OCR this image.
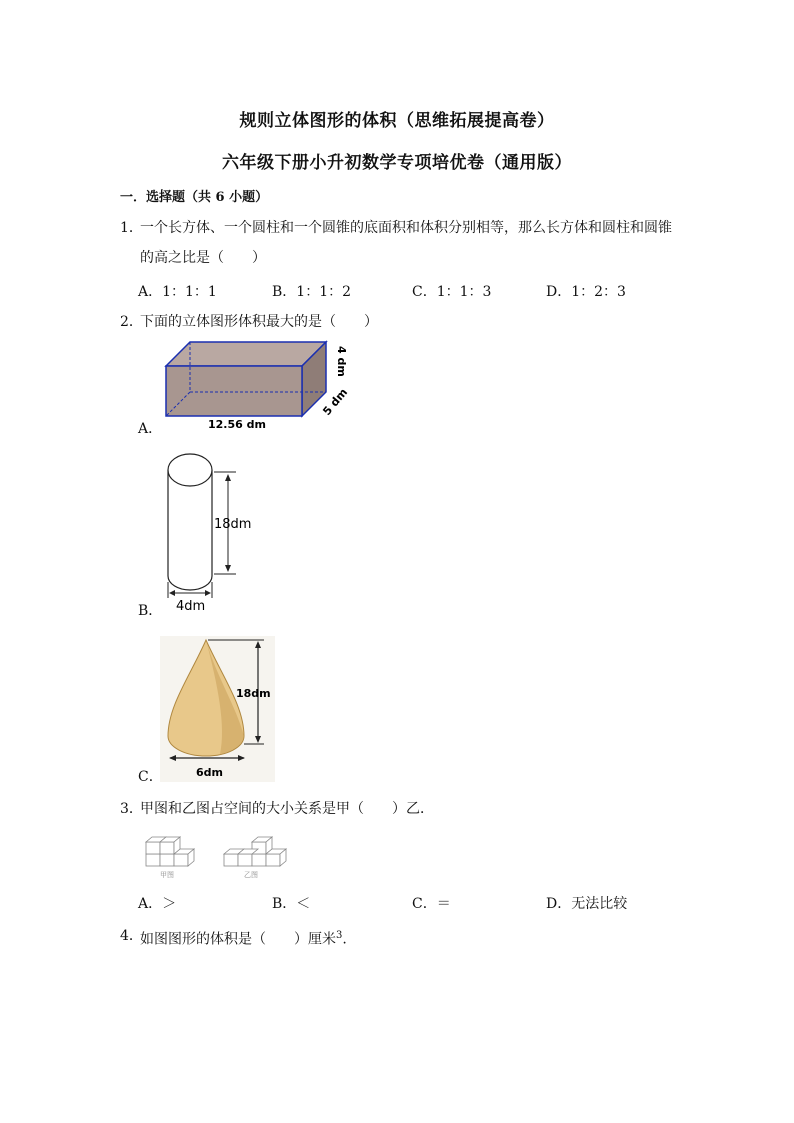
规则立体图形的体积（思维拓展提高卷）
六年级下册小升初数学专项培优卷（通用版）
一．选择题（共 6 小题）
1．
一个长方体、一个圆柱和一个圆锥的底面积和体积分别相等，那么长方体和圆柱和圆锥
的高之比是（　　）
A．1：1：1	B．1：1：2	C．1：1：3	D．1：2：3
2．
下面的立体图形体积最大的是（　　）
12.56 dm
5 dm
4 dm
A．
18dm
4dm
B．
18dm
6dm
C．
3．
甲图和乙图占空间的大小关系是甲（　　）乙．
甲图	乙图
A．＞	B．＜	C．＝	D．无法比较
4．
如图图形的体积是（　　）厘米$^3$.
